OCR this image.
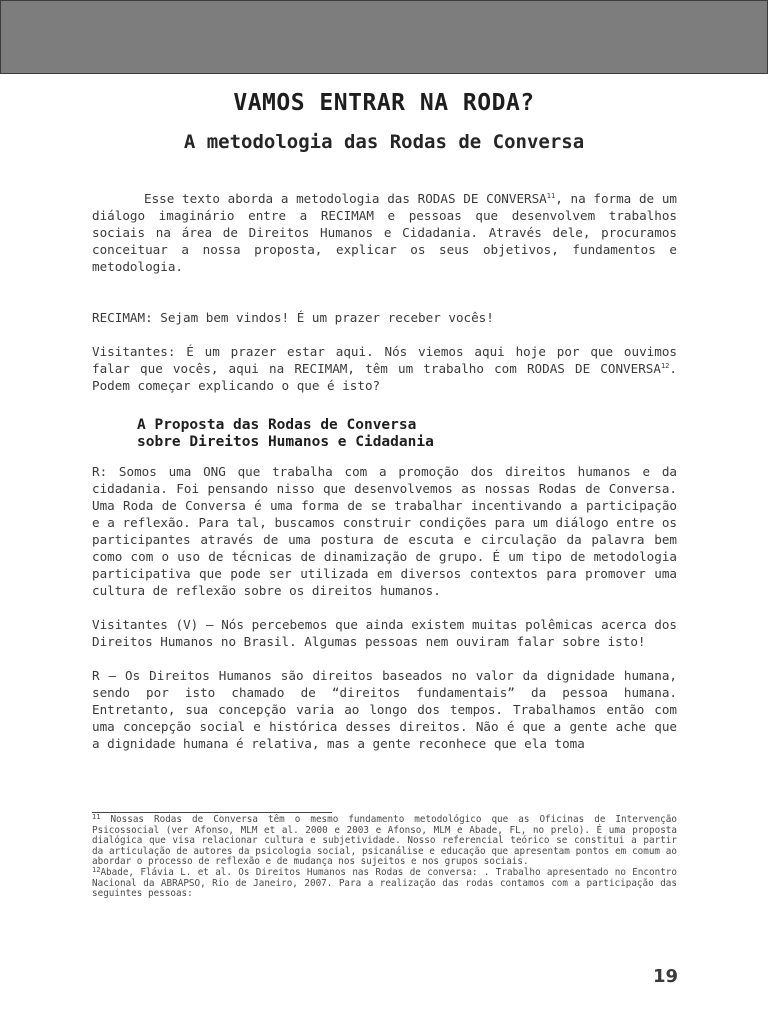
VAMOS ENTRAR NA RODA?
A metodologia das Rodas de Conversa

Esse texto aborda a metodologia das RODAS DE CONVERSA$^{11}$, na forma de um diálogo imaginário entre a RECIMAM e pessoas que desenvolvem trabalhos sociais na área de Direitos Humanos e Cidadania. Através dele, procuramos conceituar a nossa proposta, explicar os seus objetivos, fundamentos e metodologia.

RECIMAM: Sejam bem vindos! É um prazer receber vocês!

Visitantes: É um prazer estar aqui. Nós viemos aqui hoje por que ouvimos falar que vocês, aqui na RECIMAM, têm um trabalho com RODAS DE CONVERSA$^{12}$. Podem começar explicando o que é isto?

A Proposta das Rodas de Conversa
sobre Direitos Humanos e Cidadania

R: Somos uma ONG que trabalha com a promoção dos direitos humanos e da cidadania. Foi pensando nisso que desenvolvemos as nossas Rodas de Conversa. Uma Roda de Conversa é uma forma de se trabalhar incentivando a participação e a reflexão. Para tal, buscamos construir condições para um diálogo entre os participantes através de uma postura de escuta e circulação da palavra bem como com o uso de técnicas de dinamização de grupo. É um tipo de metodologia participativa que pode ser utilizada em diversos contextos para promover uma cultura de reflexão sobre os direitos humanos.

Visitantes (V) – Nós percebemos que ainda existem muitas polêmicas acerca dos Direitos Humanos no Brasil. Algumas pessoas nem ouviram falar sobre isto!

R – Os Direitos Humanos são direitos baseados no valor da dignidade humana, sendo por isto chamado de “direitos fundamentais” da pessoa humana. Entretanto, sua concepção varia ao longo dos tempos. Trabalhamos então com uma concepção social e histórica desses direitos. Não é que a gente ache que a dignidade humana é relativa, mas a gente reconhece que ela toma

$^{11}$ Nossas Rodas de Conversa têm o mesmo fundamento metodológico que as Oficinas de Intervenção Psicossocial (ver Afonso, MLM et al. 2000 e 2003 e Afonso, MLM e Abade, FL, no prelo). É uma proposta dialógica que visa relacionar cultura e subjetividade. Nosso referencial teórico se constitui a partir da articulação de autores da psicologia social, psicanálise e educação que apresentam pontos em comum ao abordar o processo de reflexão e de mudança nos sujeitos e nos grupos sociais.

$^{12}$Abade, Flávia L. et al. Os Direitos Humanos nas Rodas de conversa: . Trabalho apresentado no Encontro Nacional da ABRAPSO, Rio de Janeiro, 2007. Para a realização das rodas contamos com a participação das seguintes pessoas:

19
